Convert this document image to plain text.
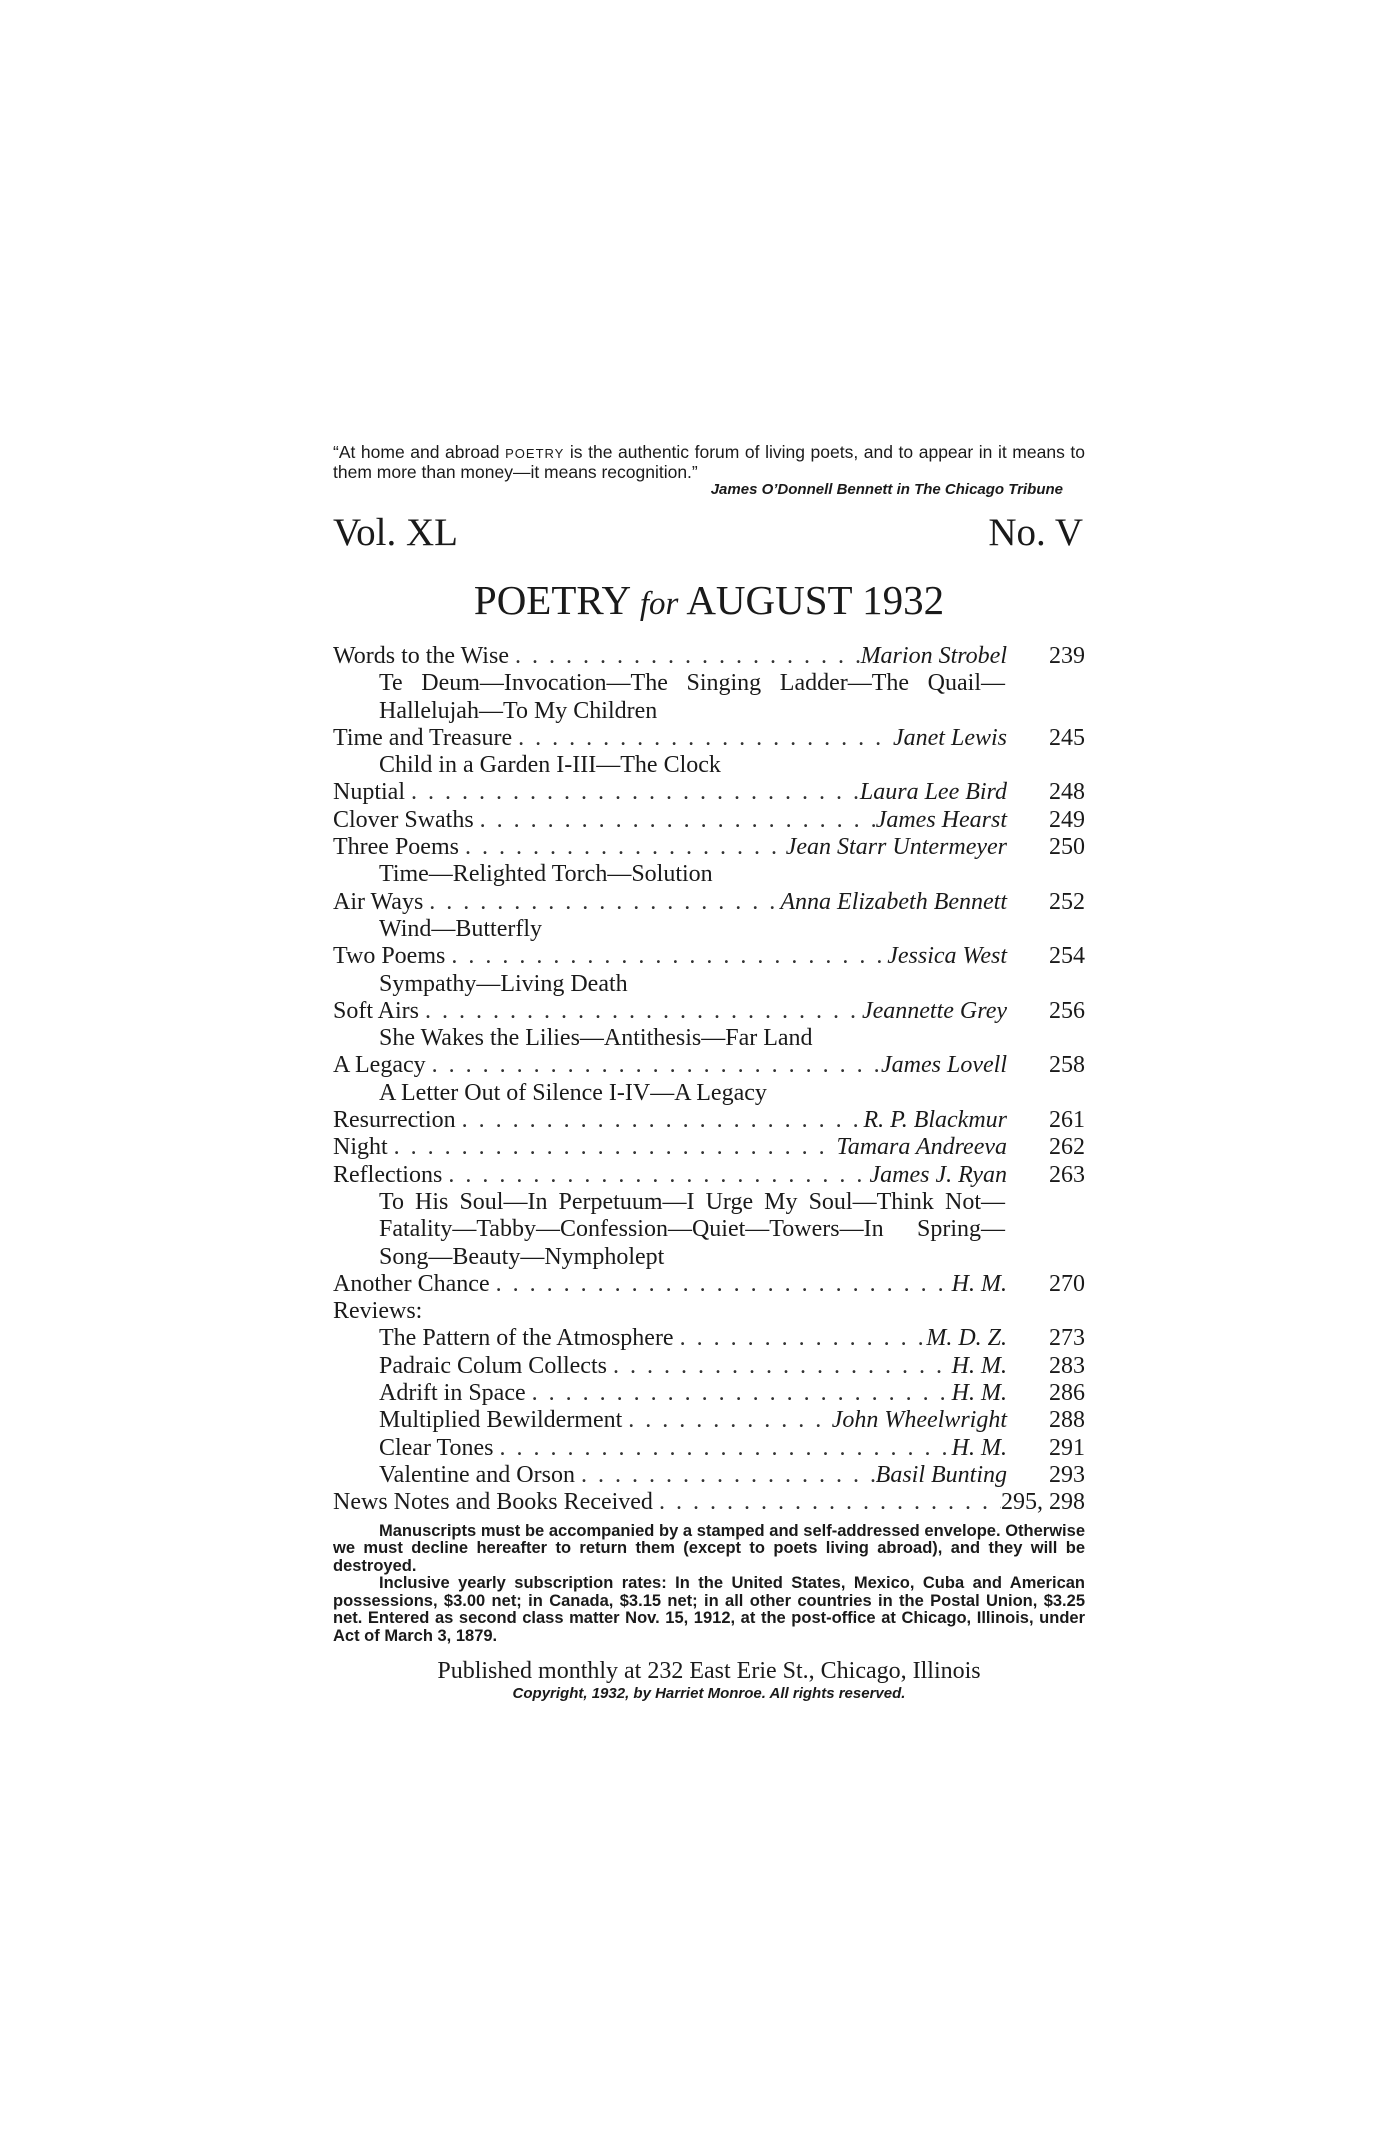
“At home and abroad POETRY is the authentic forum of living poets, and to appear in it means to them more than money—it means recognition.”
James O’Donnell Bennett in The Chicago Tribune
Vol. XL	No. V
POETRY for AUGUST 1932
Words to the Wise . . .	Marion Strobel	239
Te Deum—Invocation—The Singing Ladder—The Quail—
Hallelujah—To My Children
Time and Treasure . . .	Janet Lewis	245
Child in a Garden I-III—The Clock
Nuptial . . .	Laura Lee Bird	248
Clover Swaths . . .	James Hearst	249
Three Poems . . .	Jean Starr Untermeyer	250
Time—Relighted Torch—Solution
Air Ways . . .	Anna Elizabeth Bennett	252
Wind—Butterfly
Two Poems . . .	Jessica West	254
Sympathy—Living Death
Soft Airs . . .	Jeannette Grey	256
She Wakes the Lilies—Antithesis—Far Land
A Legacy . . .	James Lovell	258
A Letter Out of Silence I-IV—A Legacy
Resurrection . . .	R. P. Blackmur	261
Night . . .	Tamara Andreeva	262
Reflections . . .	James J. Ryan	263
To His Soul—In Perpetuum—I Urge My Soul—Think Not—
Fatality—Tabby—Confession—Quiet—Towers—In Spring—
Song—Beauty—Nympholept
Another Chance . . .	H. M.	270
Reviews:
The Pattern of the Atmosphere . . .	M. D. Z.	273
Padraic Colum Collects . . .	H. M.	283
Adrift in Space . . .	H. M.	286
Multiplied Bewilderment . . .	John Wheelwright	288
Clear Tones . . .	H. M.	291
Valentine and Orson . . .	Basil Bunting	293
News Notes and Books Received . . .	295, 298

Manuscripts must be accompanied by a stamped and self-addressed envelope. Otherwise we must decline hereafter to return them (except to poets living abroad), and they will be destroyed.

Inclusive yearly subscription rates: In the United States, Mexico, Cuba and American possessions, $3.00 net; in Canada, $3.15 net; in all other countries in the Postal Union, $3.25 net. Entered as second class matter Nov. 15, 1912, at the post-office at Chicago, Illinois, under Act of March 3, 1879.

Published monthly at 232 East Erie St., Chicago, Illinois
Copyright, 1932, by Harriet Monroe. All rights reserved.
